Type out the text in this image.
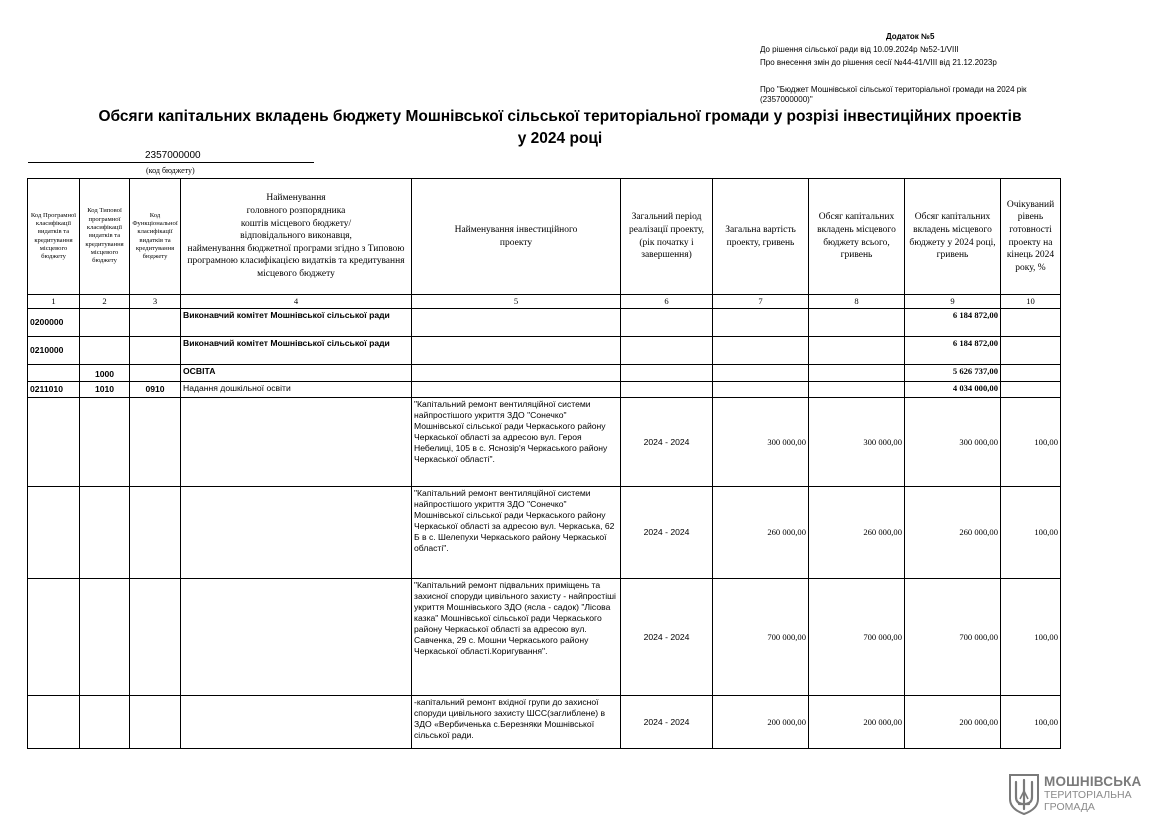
Додаток №5
До рішення сільської ради від 10.09.2024р №52-1/VIII
Про внесення змін до рішення сесії №44-41/VIII від 21.12.2023р
Про "Бюджет Мошнівської сільської територіальної громади на 2024 рік
(2357000000)"
Обсяги капітальних вкладень бюджету Мошнівської сільської територіальної громади у розрізі інвестиційних проектів
у 2024 році
2357000000
(код бюджету)
Код Програмної класифікації видатків та кредитування місцевого бюджету	Код Типової програмної класифікації видатків та кредитування місцевого бюджету	Код Функціональної класифікації видатків та кредитування бюджету	Найменування
головного розпорядника
коштів місцевого бюджету/
відповідального виконавця,
найменування бюджетної програми згідно з Типовою програмною класифікацією видатків та кредитування місцевого бюджету	Найменування інвестиційного проекту	Загальний період реалізації проекту, (рік початку і завершення)	Загальна вартість проекту, гривень	Обсяг капітальних вкладень місцевого бюджету всього, гривень	Обсяг капітальних вкладень місцевого бюджету у 2024 році, гривень	Очікуваний рівень готовності проекту на кінець 2024 року, %
1	2	3	4	5	6	7	8	9	10
0200000			Виконавчий комітет Мошнівської сільської ради					6 184 872,00	
0210000			Виконавчий комітет Мошнівської сільської ради					6 184 872,00	
	1000		ОСВІТА					5 626 737,00	
0211010	1010	0910	Надання дошкільної освіти					4 034 000,00	
				"Капітальний ремонт вентиляційної системи найпростішого укриття ЗДО "Сонечко" Мошнівської сільської ради Черкаського району Черкаської області за адресою вул. Героя Небелиці, 105 в с. Яснозір'я Черкаського району Черкаської області".	2024 - 2024	300 000,00	300 000,00	300 000,00	100,00
				"Капітальний ремонт вентиляційної системи найпростішого укриття ЗДО "Сонечко" Мошнівської сільської ради Черкаського району Черкаської області за адресою вул. Черкаська, 62 Б в с. Шелепухи Черкаського району Черкаської області".	2024 - 2024	260 000,00	260 000,00	260 000,00	100,00
				"Капітальний ремонт підвальних приміщень та захисної споруди цивільного захисту - найпростіші укриття Мошнівського ЗДО (ясла - садок) "Лісова казка" Мошнівської сільської ради Черкаського району Черкаської області за адресою вул. Савченка, 29 с. Мошни Черкаського району Черкаської області.Коригування".	2024 - 2024	700 000,00	700 000,00	700 000,00	100,00
				-капітальний ремонт вхідної групи до захисної споруди цивільного захисту ШСС(заглиблене) в ЗДО «Вербиченька с.Березняки Мошнівської сільської ради.	2024 - 2024	200 000,00	200 000,00	200 000,00	100,00
МОШНІВСЬКА
ТЕРИТОРІАЛЬНА
ГРОМАДА
